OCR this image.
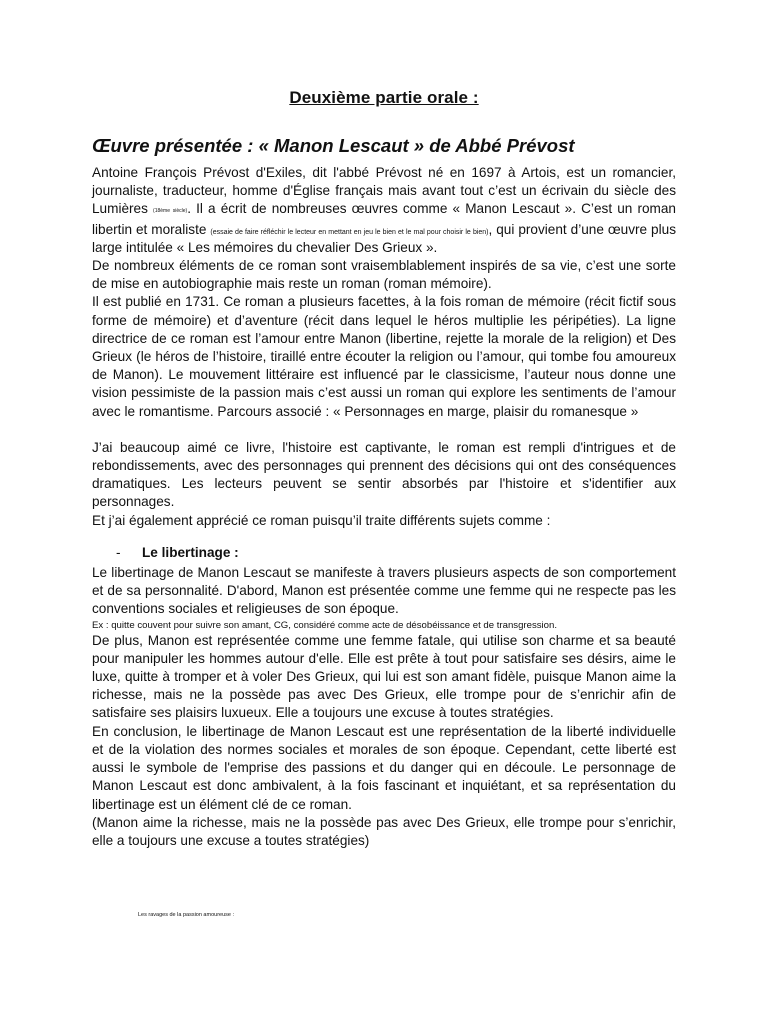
Deuxième partie orale :
Œuvre présentée : « Manon Lescaut » de Abbé Prévost

Antoine François Prévost d'Exiles, dit l'abbé Prévost né en 1697 à Artois, est un romancier, journaliste, traducteur, homme d'Église français mais avant tout c’est un écrivain du siècle des Lumières (18ème siècle). Il a écrit de nombreuses œuvres comme « Manon Lescaut ». C’est un roman libertin et moraliste (essaie de faire réfléchir le lecteur en mettant en jeu le bien et le mal pour choisir le bien), qui provient d’une œuvre plus large intitulée « Les mémoires du chevalier Des Grieux ».

De nombreux éléments de ce roman sont vraisemblablement inspirés de sa vie, c’est une sorte de mise en autobiographie mais reste un roman (roman mémoire).

Il est publié en 1731. Ce roman a plusieurs facettes, à la fois roman de mémoire (récit fictif sous forme de mémoire) et d’aventure (récit dans lequel le héros multiplie les péripéties). La ligne directrice de ce roman est l’amour entre Manon (libertine, rejette la morale de la religion) et Des Grieux (le héros de l’histoire, tiraillé entre écouter la religion ou l’amour, qui tombe fou amoureux de Manon). Le mouvement littéraire est influencé par le classicisme, l’auteur nous donne une vision pessimiste de la passion mais c’est aussi un roman qui explore les sentiments de l’amour avec le romantisme. Parcours associé : « Personnages en marge, plaisir du romanesque »

J’ai beaucoup aimé ce livre, l'histoire est captivante, le roman est rempli d'intrigues et de rebondissements, avec des personnages qui prennent des décisions qui ont des conséquences dramatiques. Les lecteurs peuvent se sentir absorbés par l'histoire et s'identifier aux personnages.

Et j’ai également apprécié ce roman puisqu’il traite différents sujets comme :

-	Le libertinage :

Le libertinage de Manon Lescaut se manifeste à travers plusieurs aspects de son comportement et de sa personnalité. D'abord, Manon est présentée comme une femme qui ne respecte pas les conventions sociales et religieuses de son époque.

Ex : quitte couvent pour suivre son amant, CG, considéré comme acte de désobéissance et de transgression.

De plus, Manon est représentée comme une femme fatale, qui utilise son charme et sa beauté pour manipuler les hommes autour d'elle. Elle est prête à tout pour satisfaire ses désirs, aime le luxe, quitte à tromper et à voler Des Grieux, qui lui est son amant fidèle, puisque Manon aime la richesse, mais ne la possède pas avec Des Grieux, elle trompe pour de s’enrichir afin de satisfaire ses plaisirs luxueux. Elle a toujours une excuse à toutes stratégies.

En conclusion, le libertinage de Manon Lescaut est une représentation de la liberté individuelle et de la violation des normes sociales et morales de son époque. Cependant, cette liberté est aussi le symbole de l'emprise des passions et du danger qui en découle. Le personnage de Manon Lescaut est donc ambivalent, à la fois fascinant et inquiétant, et sa représentation du libertinage est un élément clé de ce roman.

(Manon aime la richesse, mais ne la possède pas avec Des Grieux, elle trompe pour s’enrichir, elle a toujours une excuse a toutes stratégies)

Les ravages de la passion amoureuse :
